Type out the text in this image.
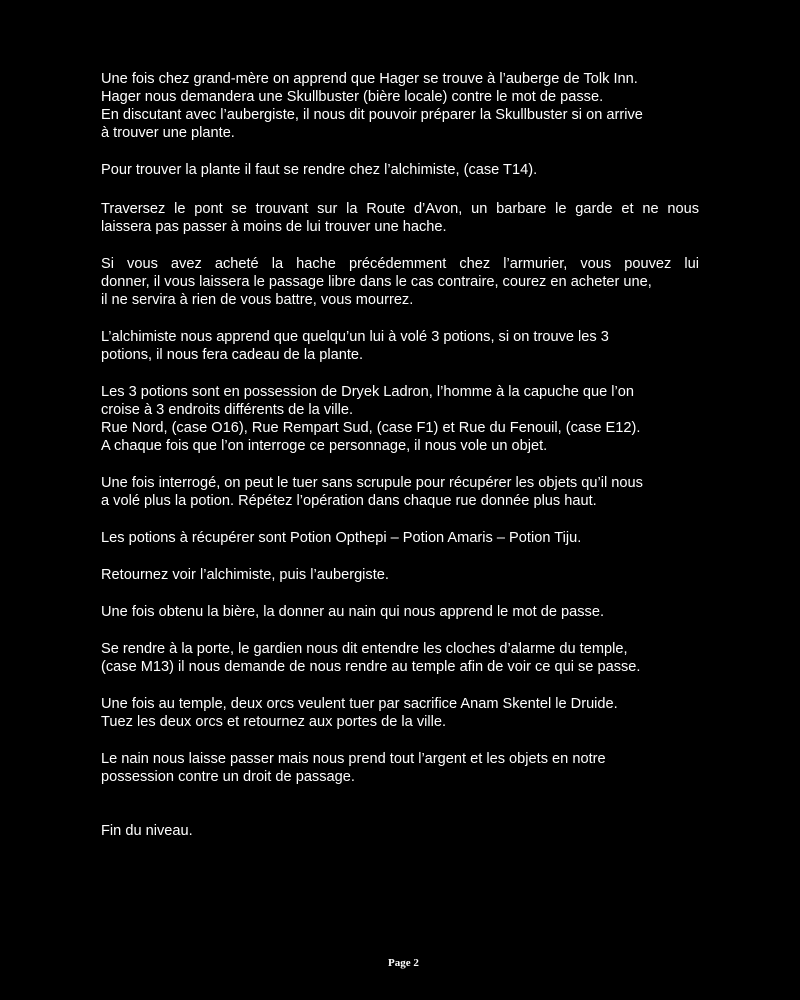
Une fois chez grand-mère on apprend que Hager se trouve à l’auberge de Tolk Inn.
Hager nous demandera une Skullbuster (bière locale) contre le mot de passe.
En discutant avec l’aubergiste, il nous dit pouvoir préparer la Skullbuster si on arrive
à trouver une plante.
Pour trouver la plante il faut se rendre chez l’alchimiste, (case T14).
Traversez le pont se trouvant sur la Route d’Avon, un barbare le garde et ne nous
laissera pas passer à moins de lui trouver une hache.
Si vous avez acheté la hache précédemment chez l’armurier, vous pouvez lui
donner, il vous laissera le passage libre dans le cas contraire, courez en acheter une,
il ne servira à rien de vous battre, vous mourrez.
L’alchimiste nous apprend que quelqu’un lui à volé 3 potions, si on trouve les 3
potions, il nous fera cadeau de la plante.
Les 3 potions sont en possession de Dryek Ladron, l’homme à la capuche que l’on
croise à 3 endroits différents de la ville.
Rue Nord, (case O16), Rue Rempart Sud, (case F1) et Rue du Fenouil, (case E12).
A chaque fois que l’on interroge ce personnage, il nous vole un objet.
Une fois interrogé, on peut le tuer sans scrupule pour récupérer les objets qu’il nous
a volé plus la potion. Répétez l’opération dans chaque rue donnée plus haut.
Les potions à récupérer sont Potion Opthepi – Potion Amaris – Potion Tiju.
Retournez voir l’alchimiste, puis l’aubergiste.
Une fois obtenu la bière, la donner au nain qui nous apprend le mot de passe.
Se rendre à la porte, le gardien nous dit entendre les cloches d’alarme du temple,
(case M13) il nous demande de nous rendre au temple afin de voir ce qui se passe.
Une fois au temple, deux orcs veulent tuer par sacrifice Anam Skentel le Druide.
Tuez les deux orcs et retournez aux portes de la ville.
Le nain nous laisse passer mais nous prend tout l’argent et les objets en notre
possession contre un droit de passage.
Fin du niveau.
Page 2
